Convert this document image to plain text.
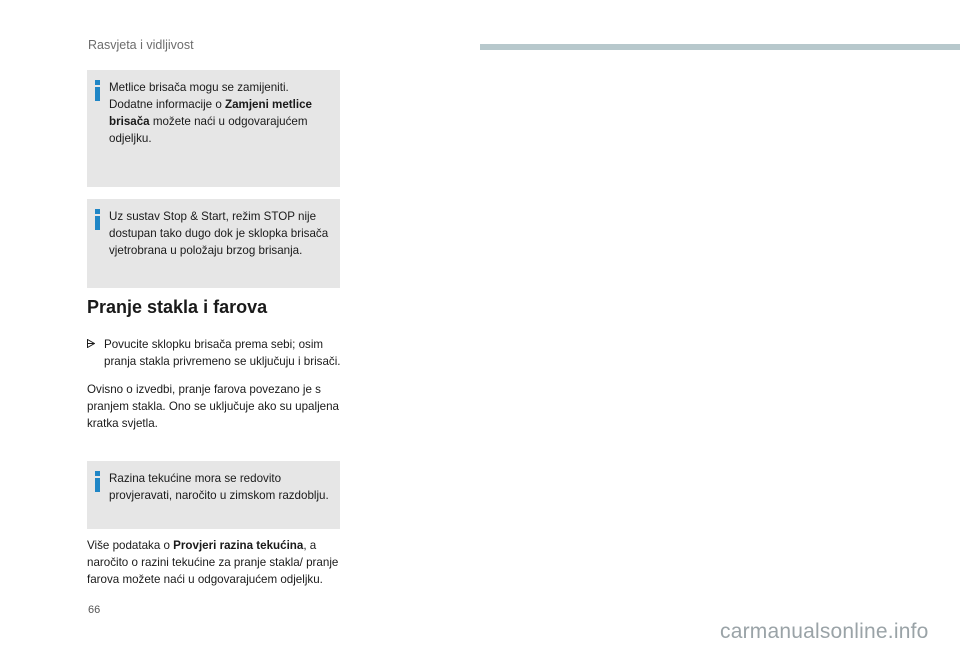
Rasvjeta i vidljivost
Metlice brisača mogu se zamijeniti.
Dodatne informacije o Zamjeni metlice brisača možete naći u odgovarajućem odjeljku.
Uz sustav Stop & Start, režim STOP nije dostupan tako dugo dok je sklopka brisača vjetrobrana u položaju brzog brisanja.
Pranje stakla i farova
Povucite sklopku brisača prema sebi; osim pranja stakla privremeno se uključuju i brisači.
Ovisno o izvedbi, pranje farova povezano je s pranjem stakla. Ono se uključuje ako su upaljena kratka svjetla.
Razina tekućine mora se redovito provjeravati, naročito u zimskom razdoblju.
Više podataka o Provjeri razina tekućina, a naročito o razini tekućine za pranje stakla/ pranje farova možete naći u odgovarajućem odjeljku.
66
carmanualsonline.info
